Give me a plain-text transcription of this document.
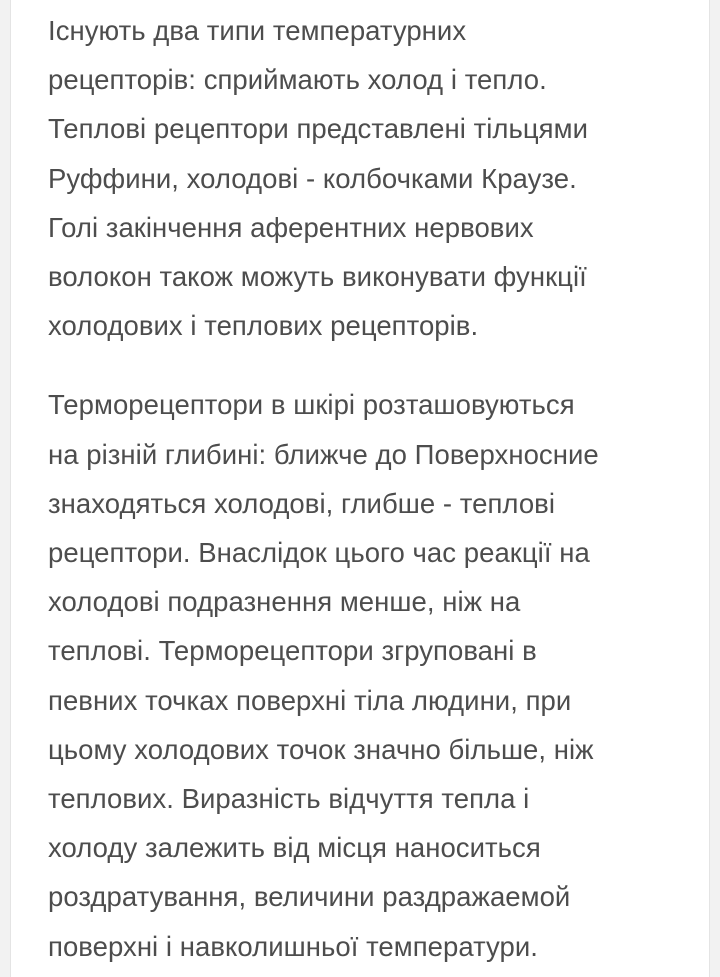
Існують два типи температурних
рецепторів: сприймають холод і тепло.
Теплові рецептори представлені тільцями
Руффини, холодові - колбочками Краузе.
Голі закінчення аферентних нервових
волокон також можуть виконувати функції
холодових і теплових рецепторів.

Терморецептори в шкірі розташовуються
на різній глибині: ближче до Поверхносние
знаходяться холодові, глибше - теплові
рецептори. Внаслідок цього час реакції на
холодові подразнення менше, ніж на
теплові. Терморецептори згруповані в
певних точках поверхні тіла людини, при
цьому холодових точок значно більше, ніж
теплових. Виразність відчуття тепла і
холоду залежить від місця наноситься
роздратування, величини раздражаемой
поверхні і навколишньої температури.
